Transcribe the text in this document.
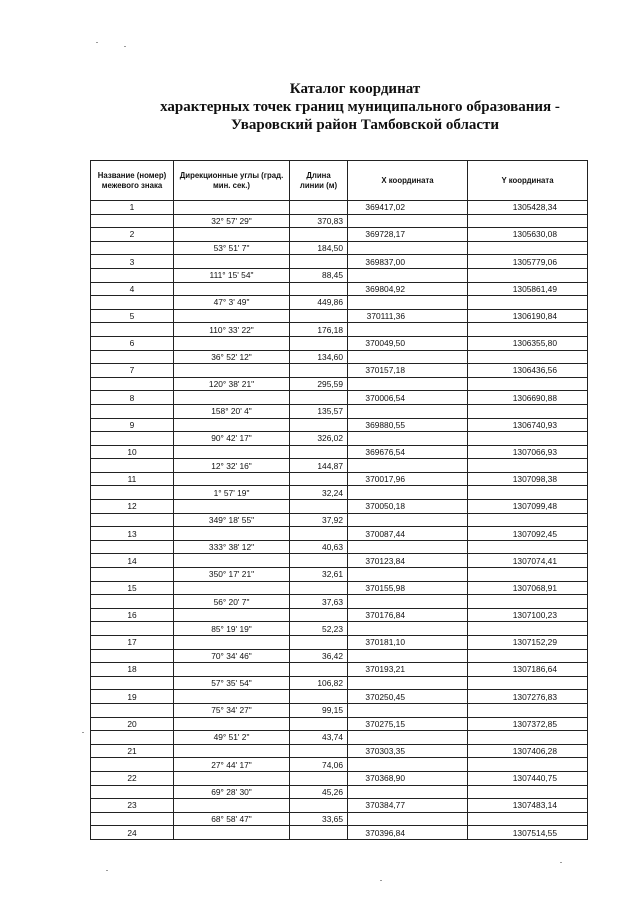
Каталог координат
характерных точек границ муниципального образования -
Уваровский район Тамбовской области
Название (номер) межевого знака	Дирекционные углы (град. мин. сек.)	Длина линии (м)	X координата	Y координата
1			369417,02	1305428,34
	32° 57' 29"	370,83		
2			369728,17	1305630,08
	53° 51' 7"	184,50		
3			369837,00	1305779,06
	111° 15' 54"	88,45		
4			369804,92	1305861,49
	47° 3' 49"	449,86		
5			370111,36	1306190,84
	110° 33' 22"	176,18		
6			370049,50	1306355,80
	36° 52' 12"	134,60		
7			370157,18	1306436,56
	120° 38' 21"	295,59		
8			370006,54	1306690,88
	158° 20' 4"	135,57		
9			369880,55	1306740,93
	90° 42' 17"	326,02		
10			369676,54	1307066,93
	12° 32' 16"	144,87		
11			370017,96	1307098,38
	1° 57' 19"	32,24		
12			370050,18	1307099,48
	349° 18' 55"	37,92		
13			370087,44	1307092,45
	333° 38' 12"	40,63		
14			370123,84	1307074,41
	350° 17' 21"	32,61		
15			370155,98	1307068,91
	56° 20' 7"	37,63		
16			370176,84	1307100,23
	85° 19' 19"	52,23		
17			370181,10	1307152,29
	70° 34' 46"	36,42		
18			370193,21	1307186,64
	57° 35' 54"	106,82		
19			370250,45	1307276,83
	75° 34' 27"	99,15		
20			370275,15	1307372,85
	49° 51' 2"	43,74		
21			370303,35	1307406,28
	27° 44' 17"	74,06		
22			370368,90	1307440,75
	69° 28' 30"	45,26		
23			370384,77	1307483,14
	68° 58' 47"	33,65		
24			370396,84	1307514,55
